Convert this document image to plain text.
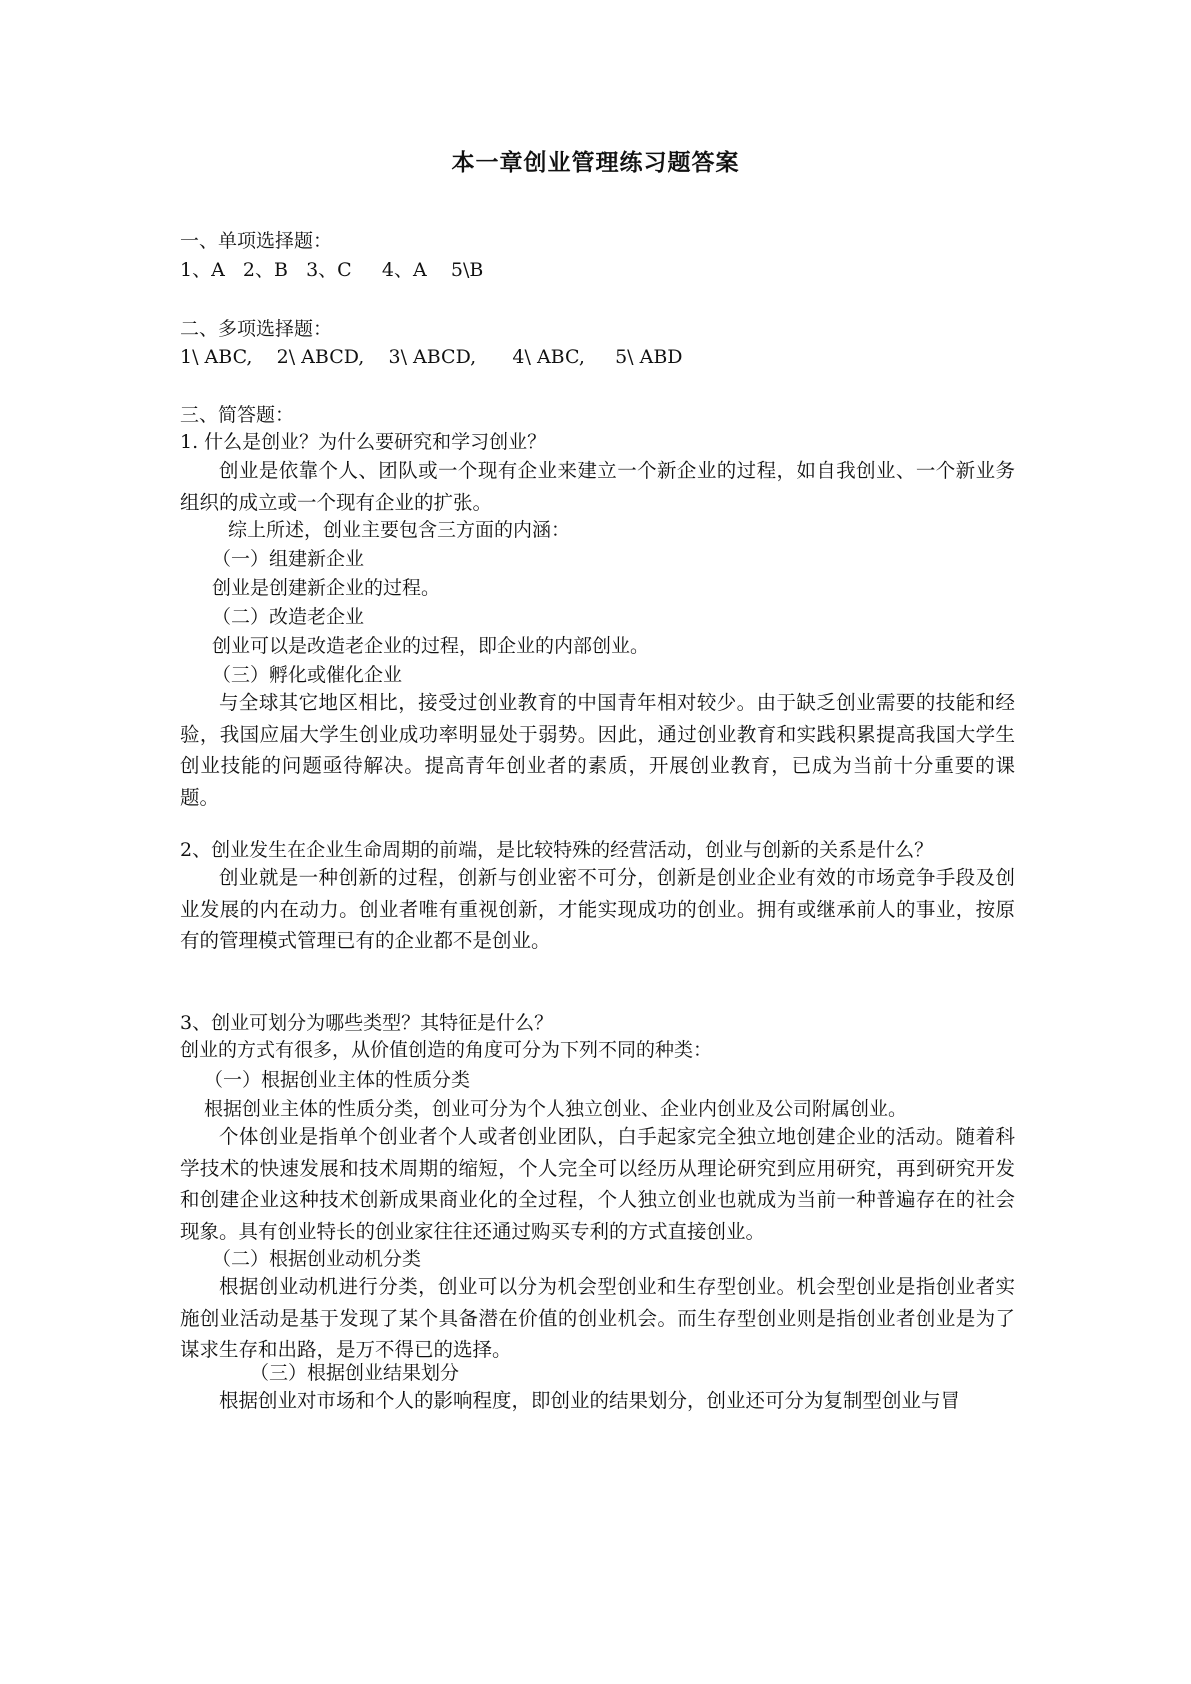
本一章创业管理练习题答案
一、单项选择题：
1、A   2、B   3、C     4、A    5\B
二、多项选择题：
1\ ABC,    2\ ABCD,    3\ ABCD,      4\ ABC,     5\ ABD
三、简答题：
1. 什么是创业？为什么要研究和学习创业？
创业是依靠个人、团队或一个现有企业来建立一个新企业的过程，如自我创业、一个新业务组织的成立或一个现有企业的扩张。
综上所述，创业主要包含三方面的内涵：
（一）组建新企业
创业是创建新企业的过程。
（二）改造老企业
创业可以是改造老企业的过程，即企业的内部创业。
（三）孵化或催化企业
与全球其它地区相比，接受过创业教育的中国青年相对较少。由于缺乏创业需要的技能和经验，我国应届大学生创业成功率明显处于弱势。因此，通过创业教育和实践积累提高我国大学生创业技能的问题亟待解决。提高青年创业者的素质，开展创业教育，已成为当前十分重要的课题。
2、创业发生在企业生命周期的前端，是比较特殊的经营活动，创业与创新的关系是什么？
创业就是一种创新的过程，创新与创业密不可分，创新是创业企业有效的市场竞争手段及创业发展的内在动力。创业者唯有重视创新，才能实现成功的创业。拥有或继承前人的事业，按原有的管理模式管理已有的企业都不是创业。
3、创业可划分为哪些类型？其特征是什么？
创业的方式有很多，从价值创造的角度可分为下列不同的种类：
（一）根据创业主体的性质分类
根据创业主体的性质分类，创业可分为个人独立创业、企业内创业及公司附属创业。
个体创业是指单个创业者个人或者创业团队，白手起家完全独立地创建企业的活动。随着科学技术的快速发展和技术周期的缩短，个人完全可以经历从理论研究到应用研究，再到研究开发和创建企业这种技术创新成果商业化的全过程，个人独立创业也就成为当前一种普遍存在的社会现象。具有创业特长的创业家往往还通过购买专利的方式直接创业。
（二）根据创业动机分类
根据创业动机进行分类，创业可以分为机会型创业和生存型创业。机会型创业是指创业者实施创业活动是基于发现了某个具备潜在价值的创业机会。而生存型创业则是指创业者创业是为了谋求生存和出路，是万不得已的选择。
（三）根据创业结果划分
根据创业对市场和个人的影响程度，即创业的结果划分，创业还可分为复制型创业与冒
